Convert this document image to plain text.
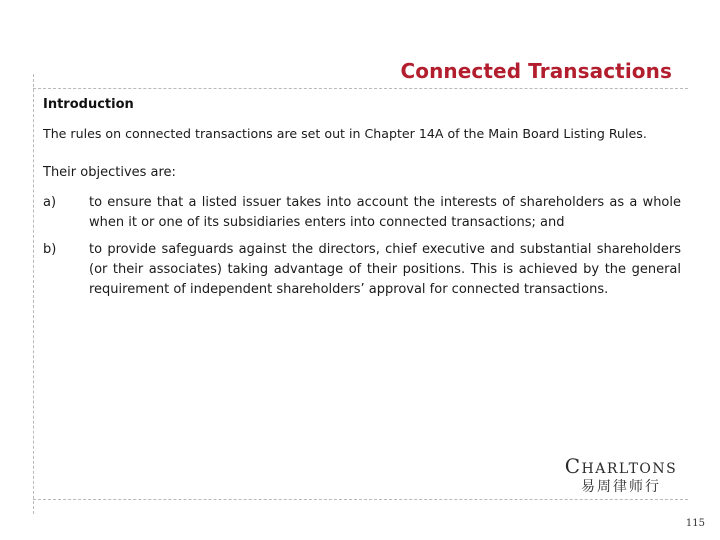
Connected Transactions
Introduction
The rules on connected transactions are set out in Chapter 14A of the Main Board Listing Rules.
Their objectives are:
a)	to ensure that a listed issuer takes into account the interests of shareholders as a whole when it or one of its subsidiaries enters into connected transactions; and
b)	to provide safeguards against the directors, chief executive and substantial shareholders (or their associates) taking advantage of their positions. This is achieved by the general requirement of independent shareholders’ approval for connected transactions.
Charltons
易周律师行
115
